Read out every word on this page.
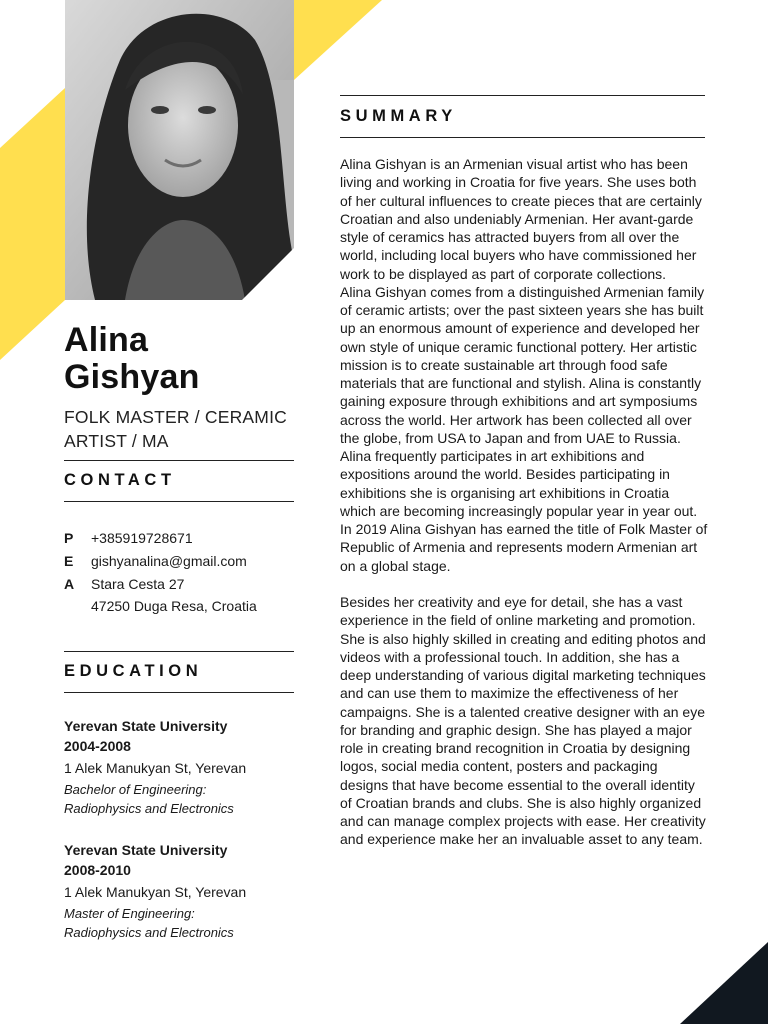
Alina
Gishyan
FOLK MASTER / CERAMIC ARTIST / MA
CONTACT
P	+385919728671
E	gishyanalina@gmail.com
A	Stara Cesta 27
47250 Duga Resa, Croatia
EDUCATION
Yerevan State University
2004-2008
1 Alek Manukyan St, Yerevan
Bachelor of Engineering:
Radiophysics and Electronics
Yerevan State University
2008-2010
1 Alek Manukyan St, Yerevan
Master of Engineering:
Radiophysics and Electronics
SUMMARY

Alina Gishyan is an Armenian visual artist who has been living and working in Croatia for five years. She uses both of her cultural influences to create pieces that are certainly Croatian and also undeniably Armenian. Her avant-garde style of ceramics has attracted buyers from all over the world, including local buyers who have commissioned her work to be displayed as part of corporate collections.

Alina Gishyan comes from a distinguished Armenian family of ceramic artists; over the past sixteen years she has built up an enormous amount of experience and developed her own style of unique ceramic functional pottery. Her artistic mission is to create sustainable art through food safe materials that are functional and stylish. Alina is constantly gaining exposure through exhibitions and art symposiums across the world. Her artwork has been collected all over the globe, from USA to Japan and from UAE to Russia. Alina frequently participates in art exhibitions and expositions around the world. Besides participating in exhibitions she is organising art exhibitions in Croatia which are becoming increasingly popular year in year out.

In 2019 Alina Gishyan has earned the title of Folk Master of Republic of Armenia and represents modern Armenian art on a global stage.

Besides her creativity and eye for detail, she has a vast experience in the field of online marketing and promotion. She is also highly skilled in creating and editing photos and videos with a professional touch. In addition, she has a deep understanding of various digital marketing techniques and can use them to maximize the effectiveness of her campaigns. She is a talented creative designer with an eye for branding and graphic design. She has played a major role in creating brand recognition in Croatia by designing logos, social media content, posters and packaging designs that have become essential to the overall identity of Croatian brands and clubs. She is also highly organized and can manage complex projects with ease. Her creativity and experience make her an invaluable asset to any team.
